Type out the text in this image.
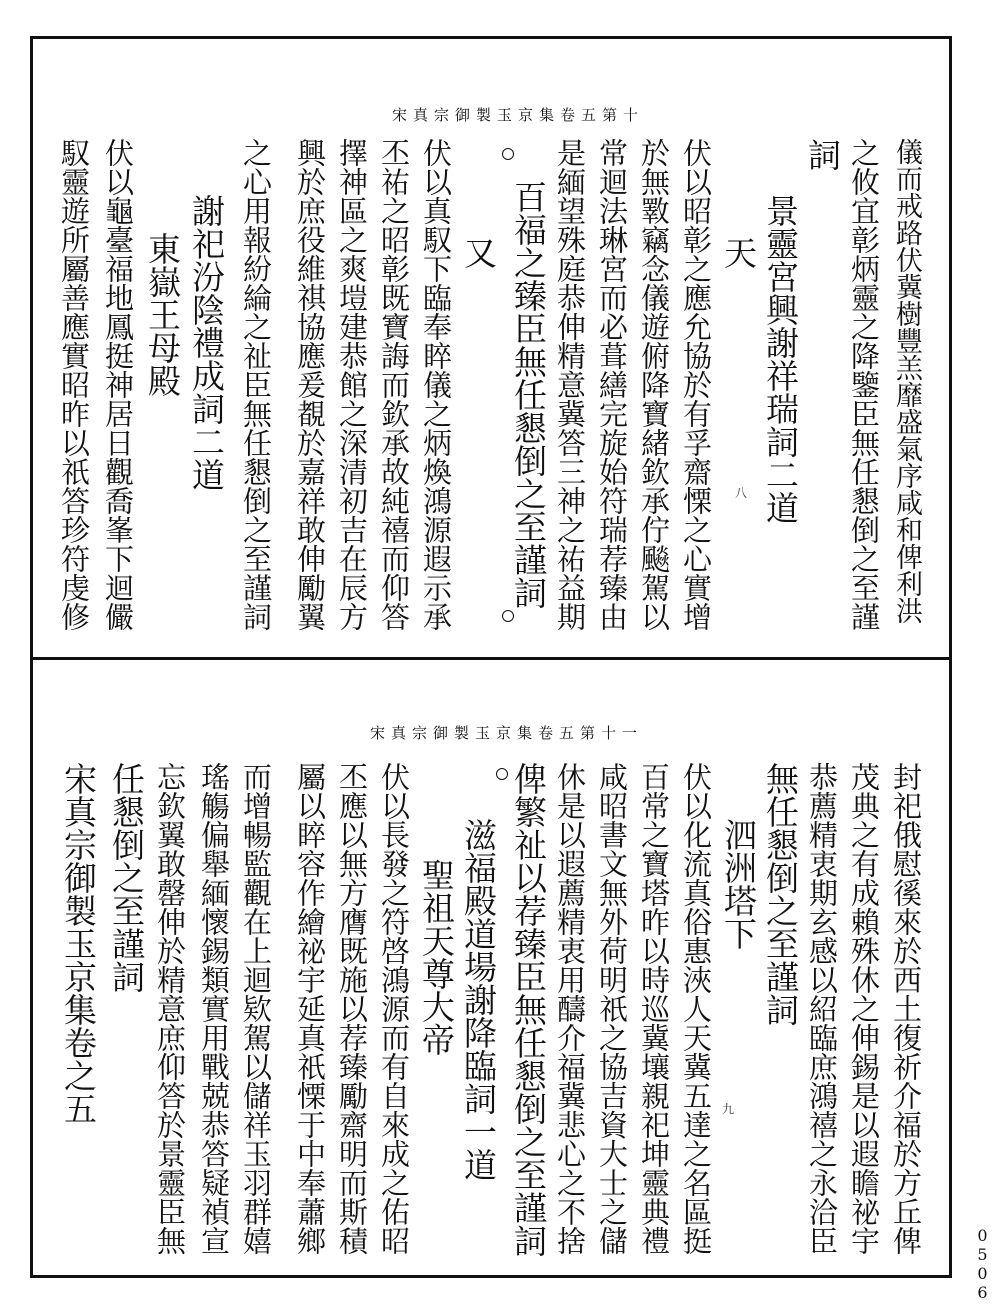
宋真宗御製玉京集卷五第十
八	儀而戒路伏冀樹豐羔靡盛氣序咸和俾利洪
之攸宜彰炳靈之降鑒臣無任懇倒之至謹
詞
景靈宮興謝祥瑞詞二道
天
伏以昭彰之應允協於有孚齋慄之心實增
於無斁竊念儀遊俯降寶緒欽承佇飈駕以
常迴法琳宮而必葺繕完旋始符瑞荐臻由
是緬望殊庭恭伸精意冀答三神之祐益期
百福之臻臣無任懇倒之至謹詞
又
伏以真馭下臨奉睟儀之炳煥鴻源遐示承
丕祐之昭彰既寶誨而欽承故純禧而仰答
擇神區之爽塏建恭館之深清初吉在辰方
興於庶役維祺協應爰覩於嘉祥敢伸勵翼
之心用報紛綸之祉臣無任懇倒之至謹詞
謝祀汾陰禮成詞二道
東嶽王母殿
伏以龜臺福地鳳挺神居日觀喬峯下迴儼
馭靈遊所屬善應實昭昨以祇答珍符虔修
宋真宗御製玉京集卷五第十一
九	封祀俄慰徯來於西土復祈介福於方丘俾
茂典之有成賴殊休之伸錫是以遐瞻祕宇
恭薦精衷期玄感以紹臨庶鴻禧之永洽臣
無任懇倒之至謹詞
泗洲塔下
伏以化流真俗惠浹人天冀五達之名區挺
百常之寶塔昨以時巡冀壤親祀坤靈典禮
咸昭書文無外荷明祇之協吉資大士之儲
休是以遐薦精衷用醻介福冀悲心之不捨
俾繁祉以荐臻臣無任懇倒之至謹詞
滋福殿道場謝降臨詞一道
聖祖天尊大帝
伏以長發之符啓鴻源而有自來成之佑昭
丕應以無方膺既施以荐臻勵齋明而斯積
屬以睟容作繪祕宇延真祇慄于中奉蕭鄉
而增暢監觀在上迴欵駕以儲祥玉羽群嬉
瑤觴偏舉緬懷錫類實用戰兢恭答疑禎宣
忘欽翼敢罄伸於精意庶仰答於景靈臣無
任懇倒之至謹詞
宋真宗御製玉京集卷之五
0506
